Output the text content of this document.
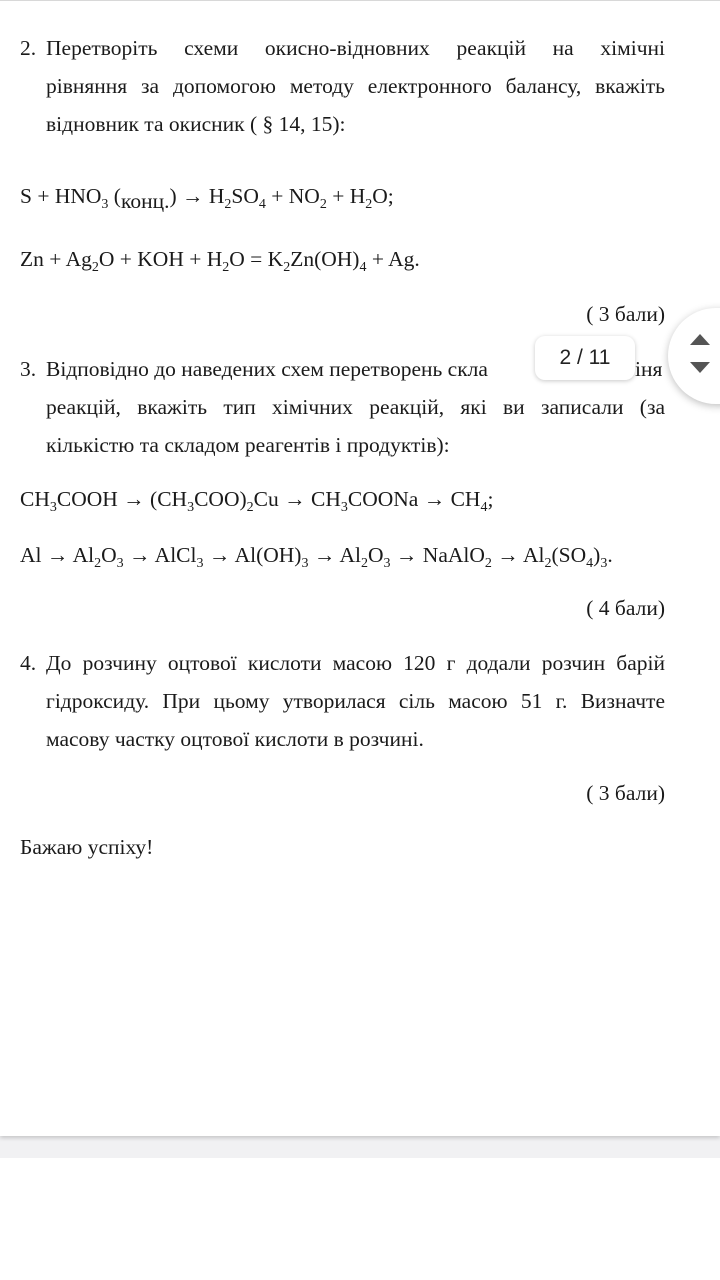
2. Перетворіть схеми окисно-відновних реакцій на хімічні
рівняння за допомогою методу електронного балансу, вкажіть
відновник та окисник ( § 14, 15):
$S + HNO_3$ (конц.) → $H_2SO_4 + NO_2 + H_2O$;
$Zn + Ag_2O$ + KOH + $H_2O = K_2Zn(OH)_4 + Ag$.
( 3 бали)
3. Відповідно до наведених схем перетворень скла	іня
реакцій, вкажіть тип хімічних реакцій, які ви записали (за
кількістю та складом реагентів і продуктів):
$CH_3COOH \to (CH_3COO)_2Cu$ → $CH_3COONa \to CH_4$;
$Al \to Al_2O_3$ → AlCl$_3$ → $Al(OH)_3 \to Al_2O_3$ → NaAlO$_2$ → $Al_2(SO_4)_3$.
( 4 бали)
4. До розчину оцтової кислоти масою 120 г додали розчин барій
гідроксиду. При цьому утворилася сіль масою 51 г. Визначте
масову частку оцтової кислоти в розчині.
( 3 бали)
Бажаю успіху!
2 / 11
